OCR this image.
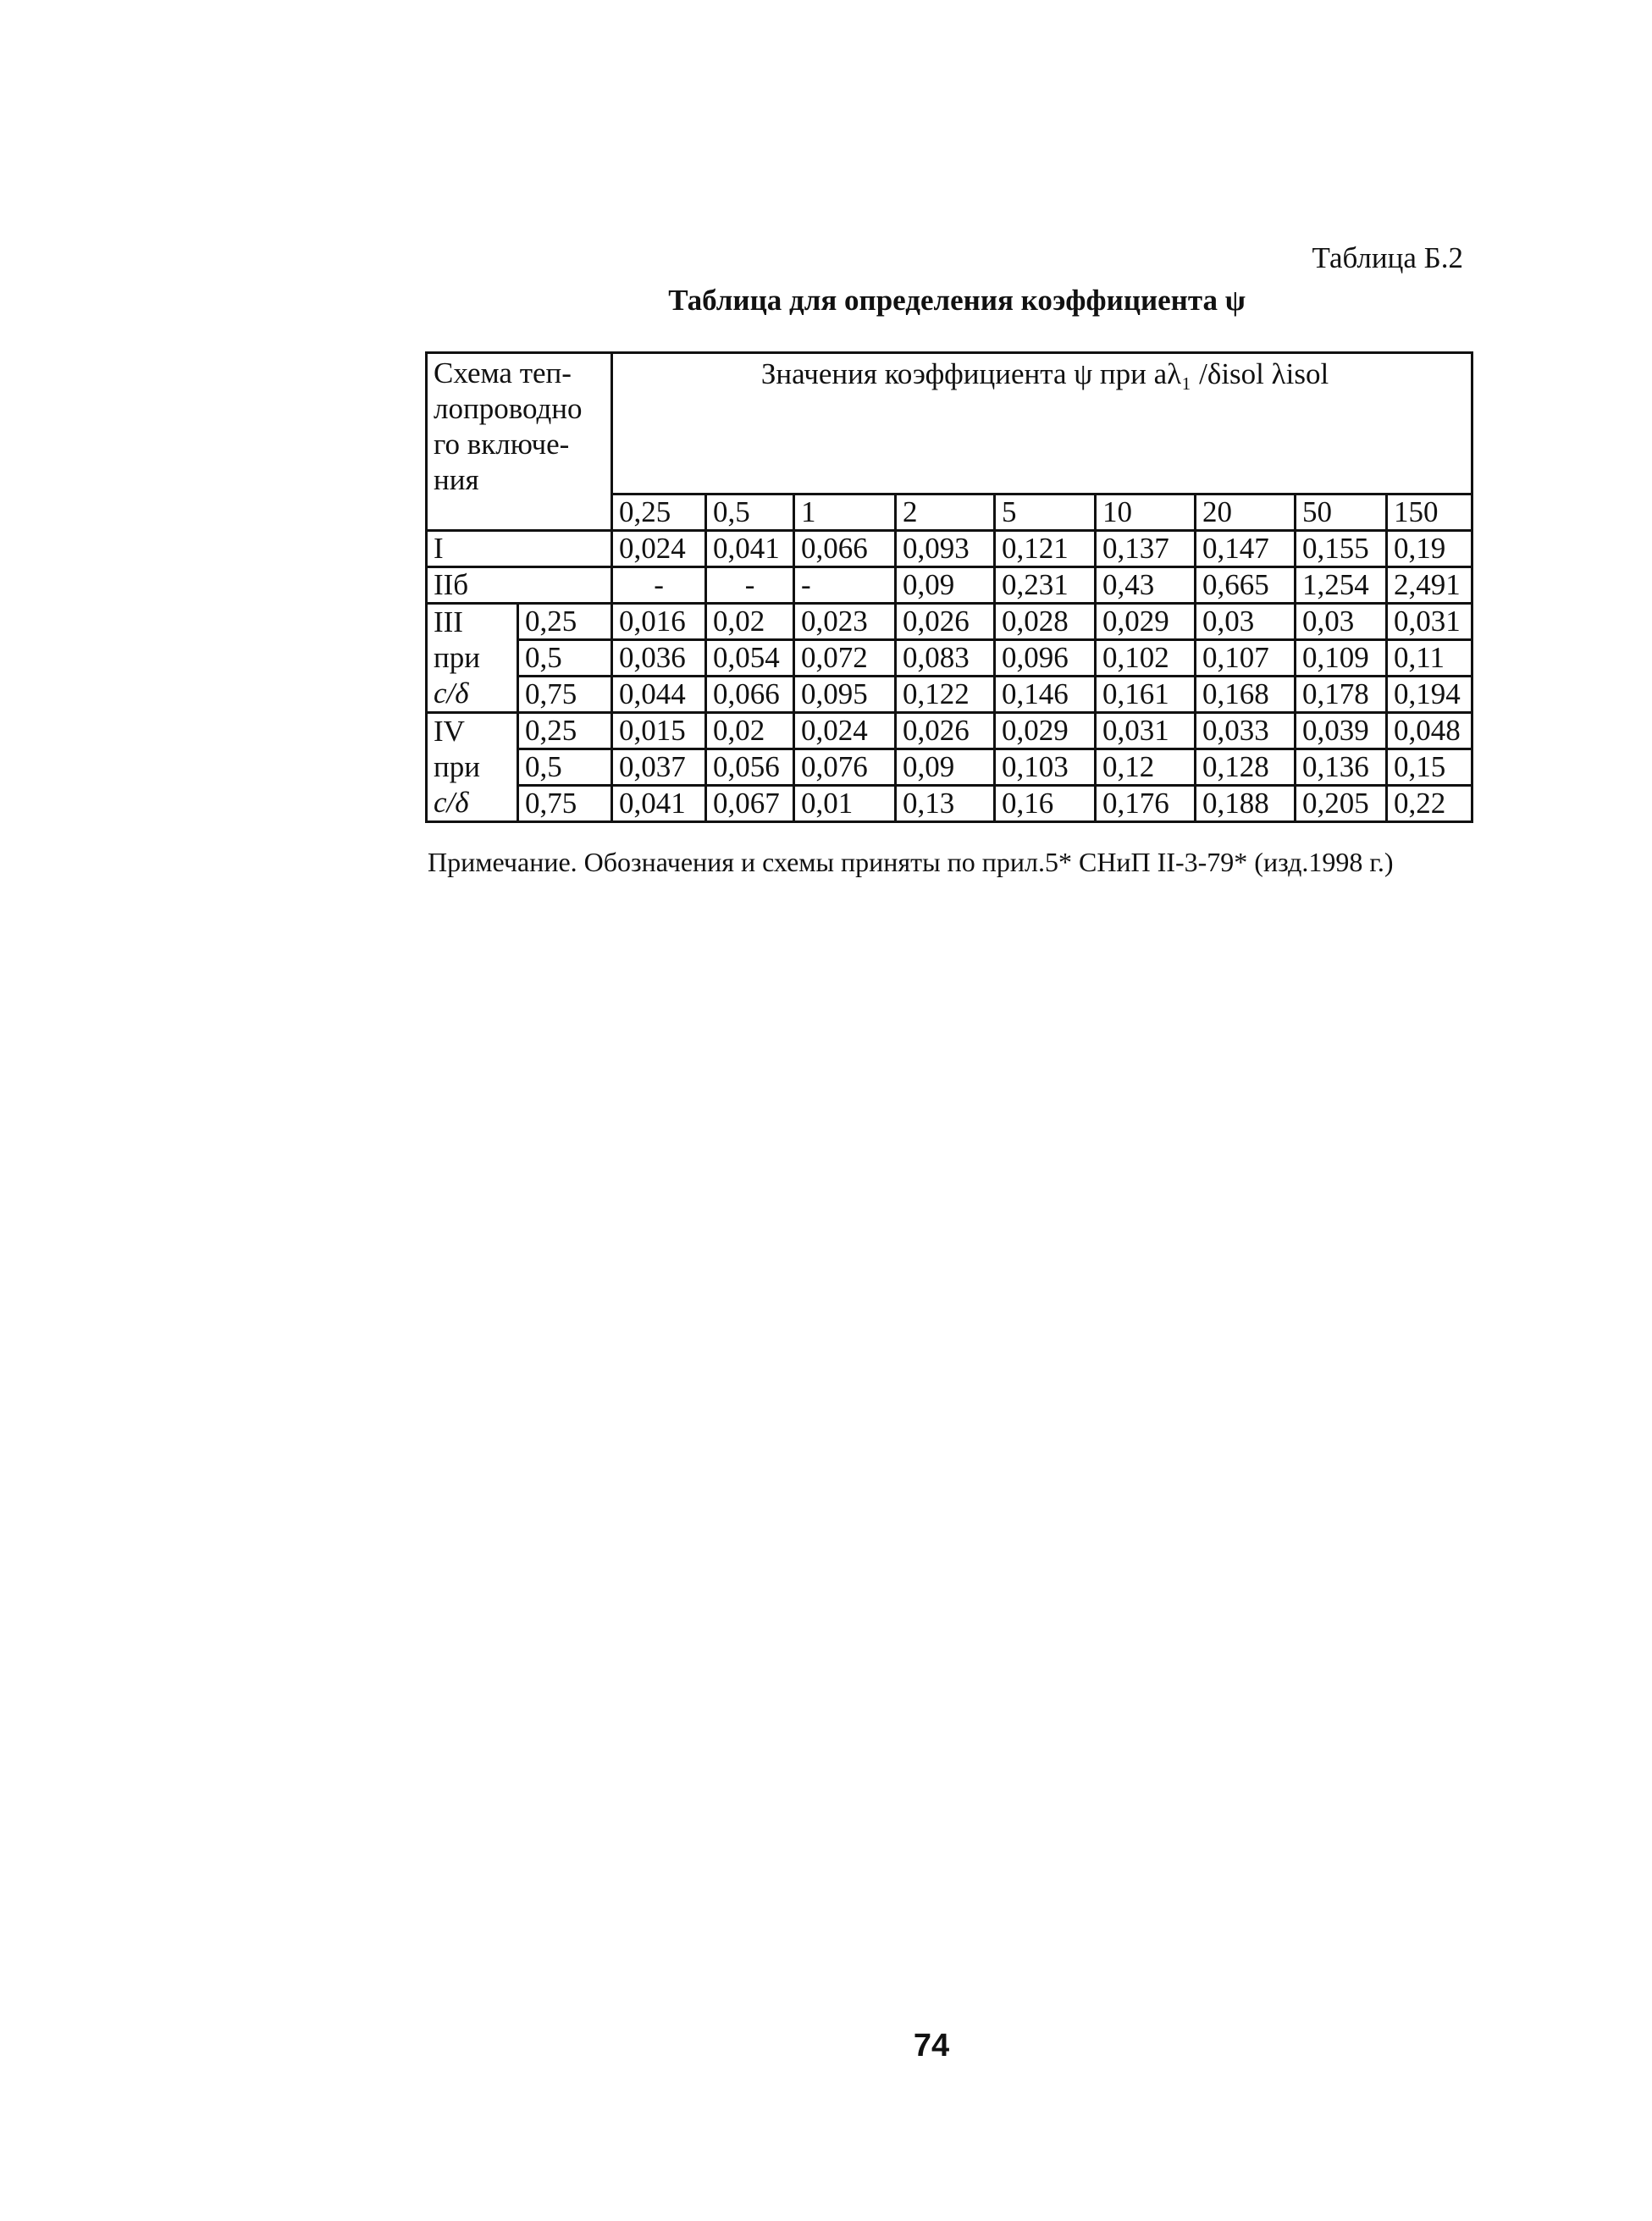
Таблица Б.2
Таблица для определения коэффициента ψ
Схема теп-лопроводно го включе-ния		Значения коэффициента ψ при aλ₁ /δisol λisol								
		0,25	0,5	1	2	5	10	20	50	150
I		0,024	0,041	0,066	0,093	0,121	0,137	0,147	0,155	0,19
IIб		-	-	-	0,09	0,231	0,43	0,665	1,254	2,491
III	0,25	0,016	0,02	0,023	0,026	0,028	0,029	0,03	0,03	0,031
при	0,5	0,036	0,054	0,072	0,083	0,096	0,102	0,107	0,109	0,11
c/δ	0,75	0,044	0,066	0,095	0,122	0,146	0,161	0,168	0,178	0,194
IV	0,25	0,015	0,02	0,024	0,026	0,029	0,031	0,033	0,039	0,048
при	0,5	0,037	0,056	0,076	0,09	0,103	0,12	0,128	0,136	0,15
c/δ	0,75	0,041	0,067	0,01	0,13	0,16	0,176	0,188	0,205	0,22
Примечание. Обозначения и схемы приняты по прил.5* СНиП II-3-79* (изд.1998 г.)
74
